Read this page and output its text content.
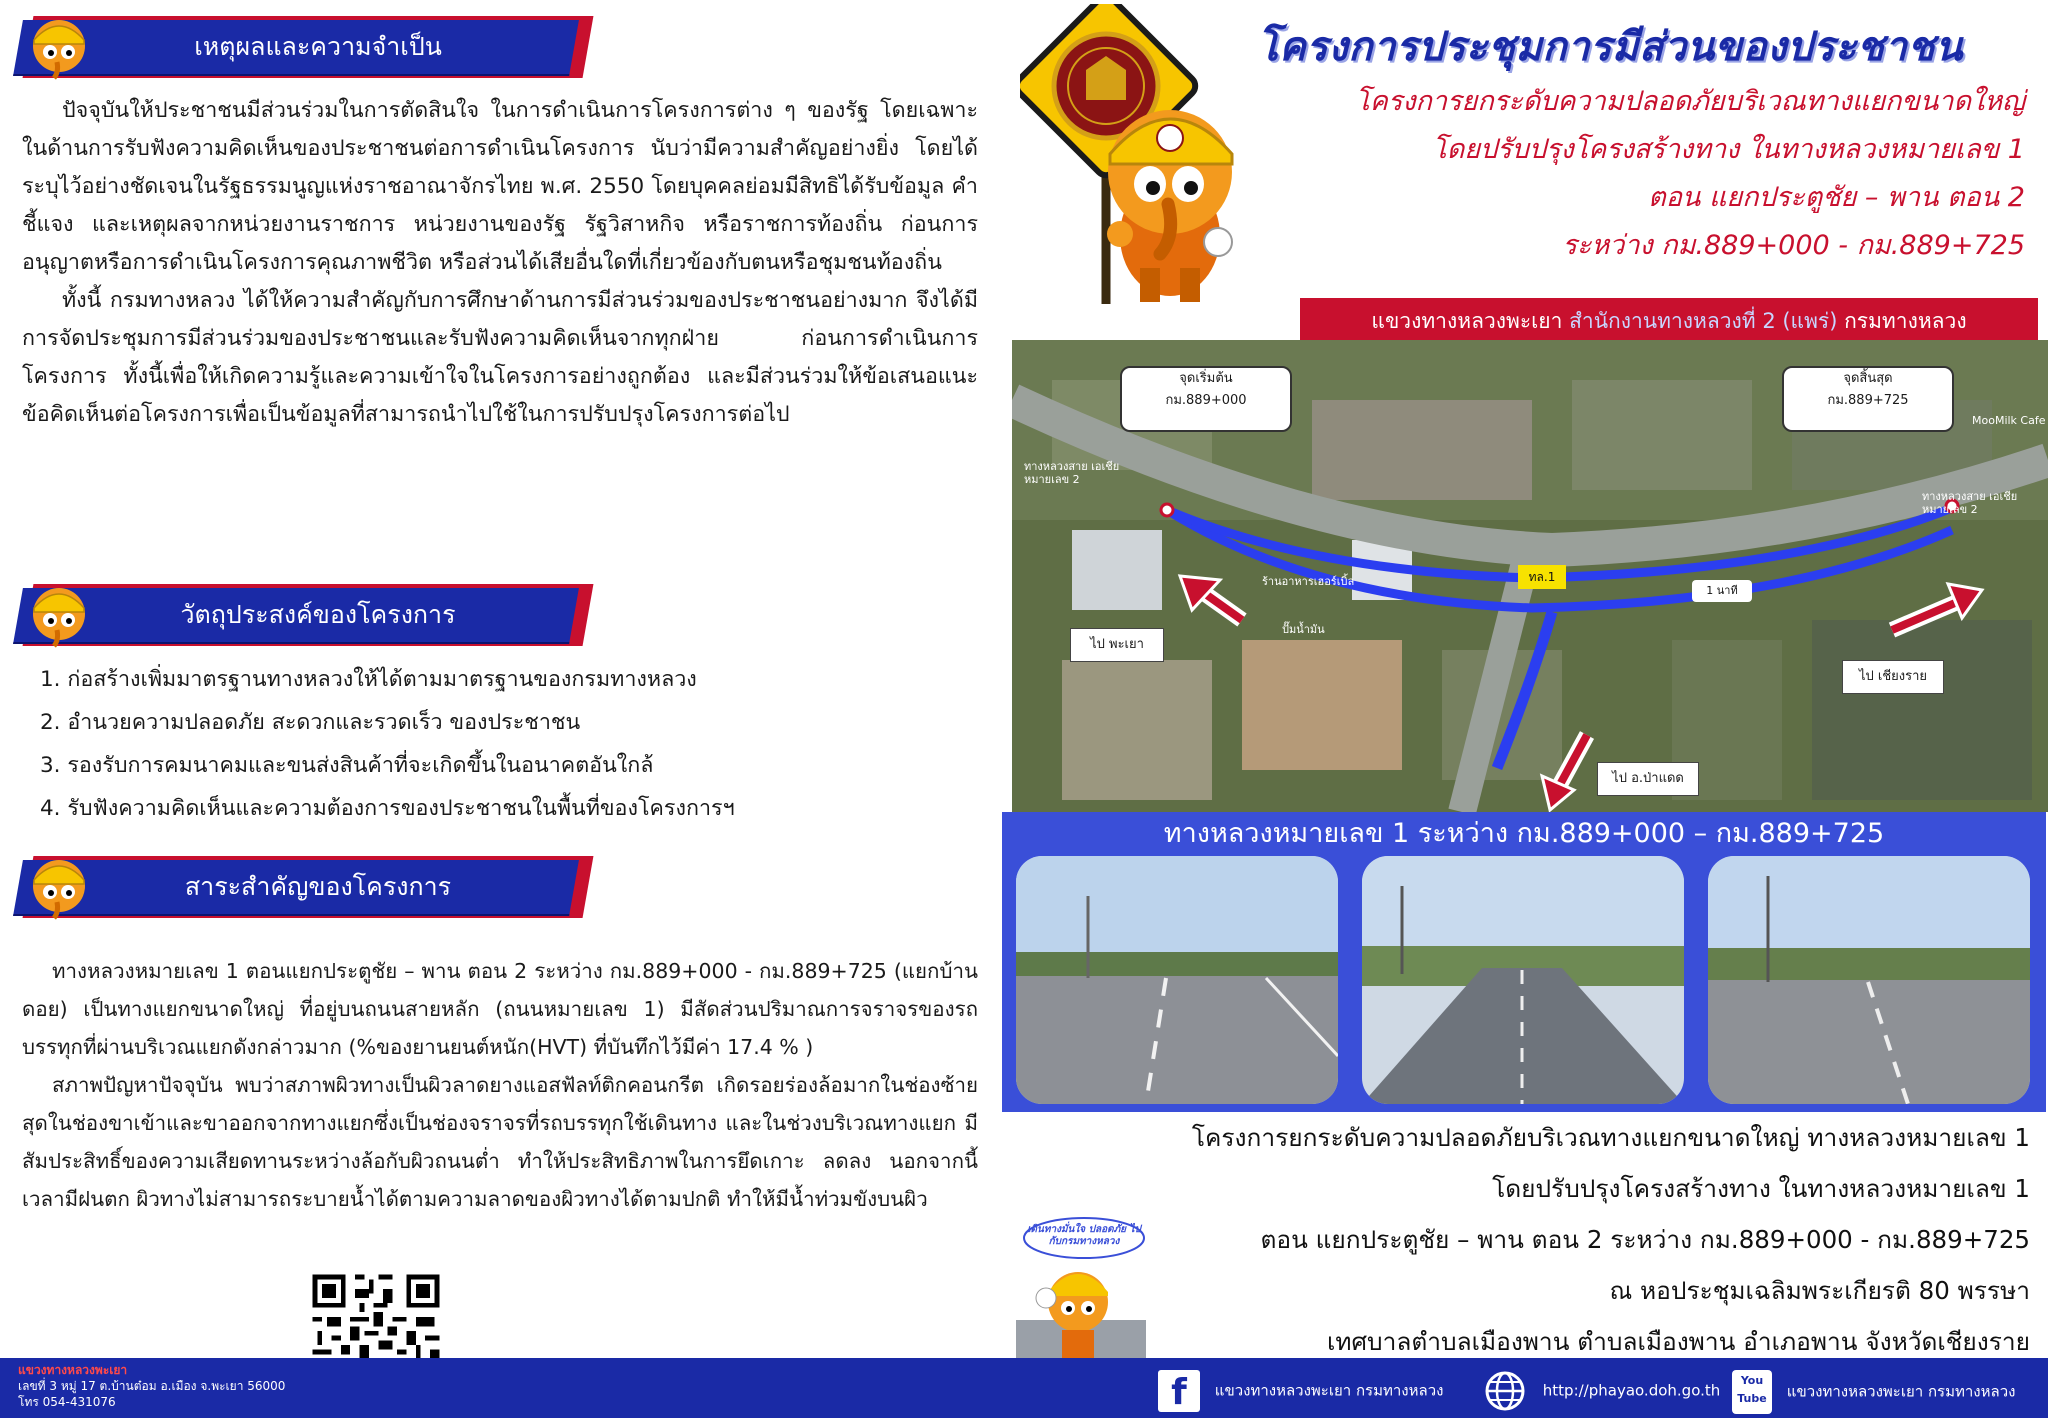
เหตุผลและความจำเป็น

ปัจจุบันให้ประชาชนมีส่วนร่วมในการตัดสินใจ ในการดำเนินการโครงการต่าง ๆ ของรัฐ โดยเฉพาะในด้านการรับฟังความคิดเห็นของประชาชนต่อการดำเนินโครงการ นับว่ามีความสำคัญอย่างยิ่ง โดยได้ระบุไว้อย่างชัดเจนในรัฐธรรมนูญแห่งราชอาณาจักรไทย พ.ศ. 2550 โดยบุคคลย่อมมีสิทธิได้รับข้อมูล คำชี้แจง และเหตุผลจากหน่วยงานราชการ หน่วยงานของรัฐ รัฐวิสาหกิจ หรือราชการท้องถิ่น ก่อนการอนุญาตหรือการดำเนินโครงการคุณภาพชีวิต หรือส่วนได้เสียอื่นใดที่เกี่ยวข้องกับตนหรือชุมชนท้องถิ่น

ทั้งนี้ กรมทางหลวง ได้ให้ความสำคัญกับการศึกษาด้านการมีส่วนร่วมของประชาชนอย่างมาก จึงได้มีการจัดประชุมการมีส่วนร่วมของประชาชนและรับฟังความคิดเห็นจากทุกฝ่าย ก่อนการดำเนินการโครงการ ทั้งนี้เพื่อให้เกิดความรู้และความเข้าใจในโครงการอย่างถูกต้อง และมีส่วนร่วมให้ข้อเสนอแนะ ข้อคิดเห็นต่อโครงการเพื่อเป็นข้อมูลที่สามารถนำไปใช้ในการปรับปรุงโครงการต่อไป

วัตถุประสงค์ของโครงการ
1. ก่อสร้างเพิ่มมาตรฐานทางหลวงให้ได้ตามมาตรฐานของกรมทางหลวง
2. อำนวยความปลอดภัย สะดวกและรวดเร็ว ของประชาชน
3. รองรับการคมนาคมและขนส่งสินค้าที่จะเกิดขึ้นในอนาคตอันใกล้
4. รับฟังความคิดเห็นและความต้องการของประชาชนในพื้นที่ของโครงการฯ
สาระสำคัญของโครงการ

ทางหลวงหมายเลข 1 ตอนแยกประตูชัย – พาน ตอน 2 ระหว่าง กม.889+000 - กม.889+725 (แยกบ้านดอย) เป็นทางแยกขนาดใหญ่ ที่อยู่บนถนนสายหลัก (ถนนหมายเลข 1) มีสัดส่วนปริมาณการจราจรของรถบรรทุกที่ผ่านบริเวณแยกดังกล่าวมาก (%ของยานยนต์หนัก(HVT) ที่บันทึกไว้มีค่า 17.4 % )

สภาพปัญหาปัจจุบัน พบว่าสภาพผิวทางเป็นผิวลาดยางแอสฟัลท์ติกคอนกรีต เกิดรอยร่องล้อมากในช่องซ้ายสุดในช่องขาเข้าและขาออกจากทางแยกซึ่งเป็นช่องจราจรที่รถบรรทุกใช้เดินทาง และในช่วงบริเวณทางแยก มีสัมประสิทธิ์ของความเสียดทานระหว่างล้อกับผิวถนนต่ำ ทำให้ประสิทธิภาพในการยึดเกาะ ลดลง นอกจากนี้เวลามีฝนตก ผิวทางไม่สามารถระบายน้ำได้ตามความลาดของผิวทางได้ตามปกติ ทำให้มีน้ำท่วมขังบนผิว

โครงการประชุมการมีส่วนของประชาชน
โครงการยกระดับความปลอดภัยบริเวณทางแยกขนาดใหญ่
โดยปรับปรุงโครงสร้างทาง ในทางหลวงหมายเลข 1
ตอน แยกประตูชัย – พาน ตอน 2
ระหว่าง กม.889+000 - กม.889+725
แขวงทางหลวงพะเยา สำนักงานทางหลวงที่ 2 (แพร่) กรมทางหลวง
จุดเริ่มต้น
กม.889+000
จุดสิ้นสุด
กม.889+725
ทางหลวงสาย เอเชียหมายเลข 2
ทางหลวงสาย เอเชียหมายเลข 2
MooMilk Cafe
ร้านอาหารเฮอร์เบิ้ล
ปั๊มน้ำมัน
ทล.1
1 นาที
ไป พะเยา
ไป เชียงราย
ไป อ.ป่าแดด
ทางหลวงหมายเลข 1 ระหว่าง กม.889+000 – กม.889+725
โครงการยกระดับความปลอดภัยบริเวณทางแยกขนาดใหญ่ ทางหลวงหมายเลข 1
โดยปรับปรุงโครงสร้างทาง ในทางหลวงหมายเลข 1
ตอน แยกประตูชัย – พาน ตอน 2 ระหว่าง กม.889+000 - กม.889+725
ณ หอประชุมเฉลิมพระเกียรติ 80 พรรษา
เทศบาลตำบลเมืองพาน ตำบลเมืองพาน อำเภอพาน จังหวัดเชียงราย
เดินทางมั่นใจ ปลอดภัย ไปกับกรมทางหลวง
แขวงทางหลวงพะเยา
เลขที่ 3 หมู่ 17 ต.บ้านต๋อม อ.เมือง จ.พะเยา 56000
โทร 054-431076	f แขวงทางหลวงพะเยา กรมทางหลวง	http://phayao.doh.go.th
You Tube แขวงทางหลวงพะเยา กรมทางหลวง
